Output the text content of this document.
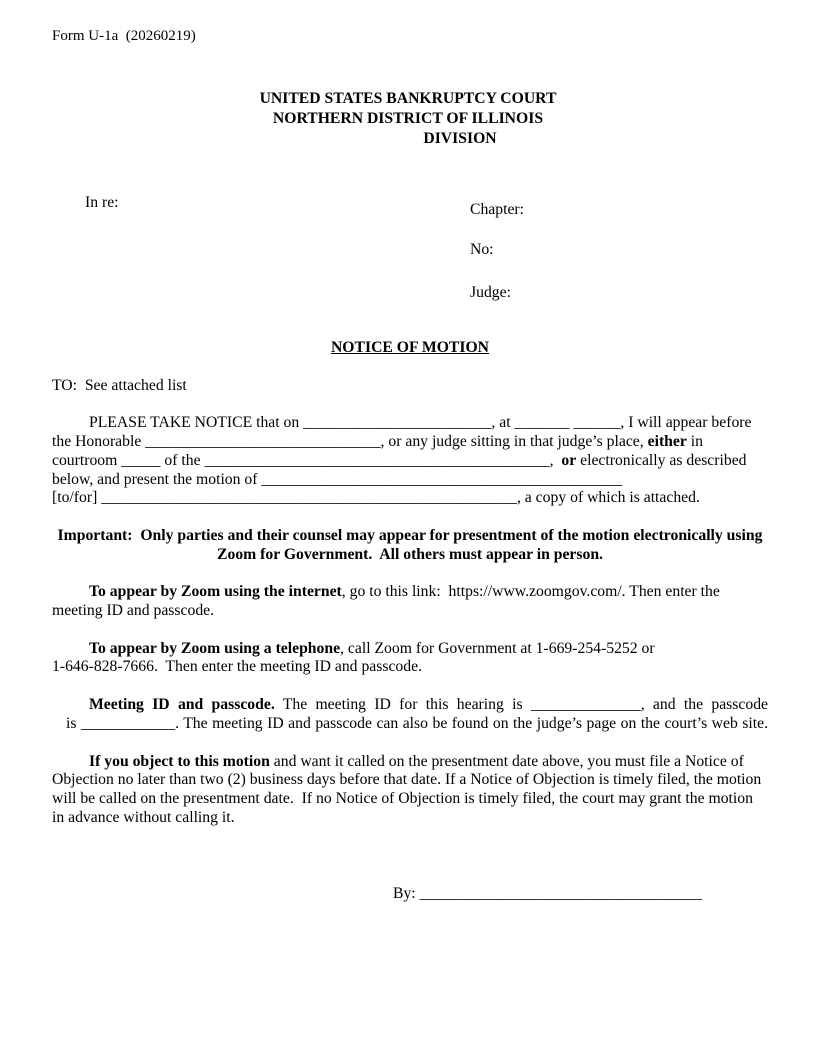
Form U-1a  (20260219)
UNITED STATES BANKRUPTCY COURT
NORTHERN DISTRICT OF ILLINOIS
DIVISION
In re:	Chapter:
No:
Judge:
NOTICE OF MOTION
TO:  See attached list
PLEASE TAKE NOTICE that on ________________________, at _______ ______, I will appear before
the Honorable ______________________________, or any judge sitting in that judge’s place, either in
courtroom _____ of the ____________________________________________,  or electronically as described
below, and present the motion of ______________________________________________
[to/for] _____________________________________________________, a copy of which is attached.
Important:  Only parties and their counsel may appear for presentment of the motion electronically using
Zoom for Government.  All others must appear in person.
To appear by Zoom using the internet, go to this link:  https://www.zoomgov.com/. Then enter the
meeting ID and passcode.
To appear by Zoom using a telephone, call Zoom for Government at 1-669-254-5252 or
1-646-828-7666.  Then enter the meeting ID and passcode.
Meeting ID and passcode. The meeting ID for this hearing is ______________, and the passcode
is ____________. The meeting ID and passcode can also be found on the judge’s page on the court’s web site.
If you object to this motion and want it called on the presentment date above, you must file a Notice of
Objection no later than two (2) business days before that date. If a Notice of Objection is timely filed, the motion
will be called on the presentment date.  If no Notice of Objection is timely filed, the court may grant the motion
in advance without calling it.
By: ____________________________________
